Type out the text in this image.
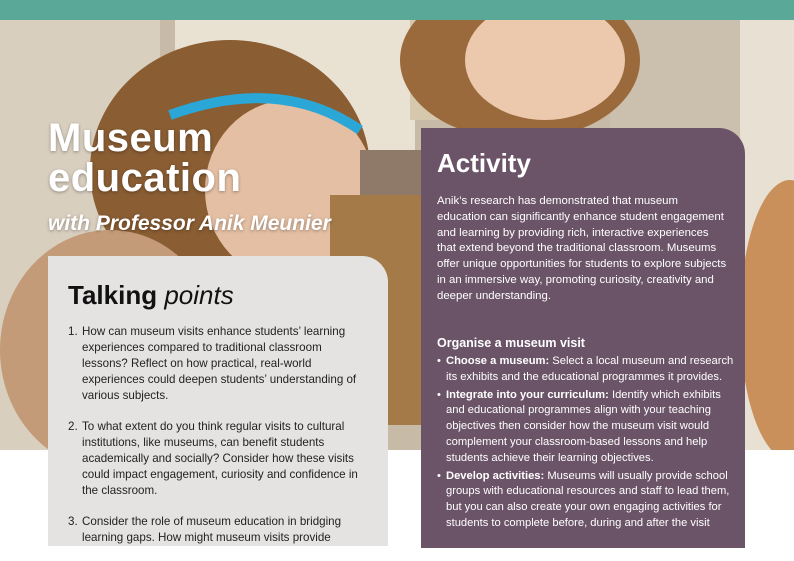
Museum
education
with Professor Anik Meunier
Talking points
1. How can museum visits enhance students’ learning experiences compared to traditional classroom lessons? Reflect on how practical, real-world experiences could deepen students’ understanding of various subjects.
2. To what extent do you think regular visits to cultural institutions, like museums, can benefit students academically and socially? Consider how these visits could impact engagement, curiosity and confidence in the classroom.
3. Consider the role of museum education in bridging learning gaps. How might museum visits provide
Activity

Anik’s research has demonstrated that museum education can significantly enhance student engagement and learning by providing rich, interactive experiences that extend beyond the traditional classroom. Museums offer unique opportunities for students to explore subjects in an immersive way, promoting curiosity, creativity and deeper understanding.

Organise a museum visit
• Choose a museum: Select a local museum and research its exhibits and the educational programmes it provides.
• Integrate into your curriculum: Identify which exhibits and educational programmes align with your teaching objectives then consider how the museum visit would complement your classroom-based lessons and help students achieve their learning objectives.
• Develop activities: Museums will usually provide school groups with educational resources and staff to lead them, but you can also create your own engaging activities for students to complete before, during and after the visit
